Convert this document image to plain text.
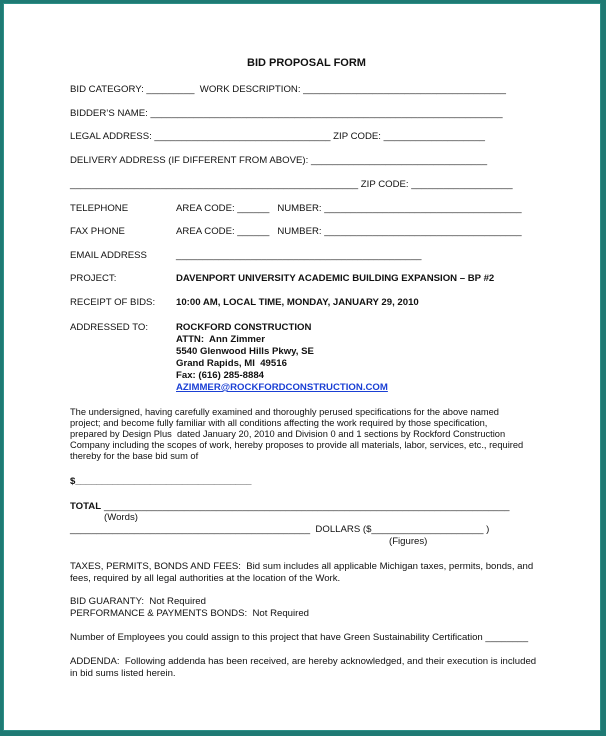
BID PROPOSAL FORM
BID CATEGORY: _________  WORK DESCRIPTION: ______________________________________
BIDDER’S NAME: __________________________________________________________________
LEGAL ADDRESS: _________________________________ ZIP CODE: ___________________
DELIVERY ADDRESS (IF DIFFERENT FROM ABOVE): _________________________________
______________________________________________________ ZIP CODE: ___________________
TELEPHONE	AREA CODE: ______   NUMBER: _____________________________________
FAX PHONE	AREA CODE: ______   NUMBER: _____________________________________
EMAIL ADDRESS	______________________________________________
PROJECT:	DAVENPORT UNIVERSITY ACADEMIC BUILDING EXPANSION – BP #2
RECEIPT OF BIDS: 10:00 AM, LOCAL TIME, MONDAY, JANUARY 29, 2010
ADDRESSED TO:	ROCKFORD CONSTRUCTION
ATTN:  Ann Zimmer
5540 Glenwood Hills Pkwy, SE
Grand Rapids, MI  49516
Fax: (616) 285-8884
AZIMMER@ROCKFORDCONSTRUCTION.COM
The undersigned, having carefully examined and thoroughly perused specifications for the above named
project; and become fully familiar with all conditions affecting the work required by those specification,
prepared by Design Plus  dated January 20, 2010 and Division 0 and 1 sections by Rockford Construction
Company including the scopes of work, hereby proposes to provide all materials, labor, services, etc., required
thereby for the base bid sum of
$_________________________________
TOTAL ____________________________________________________________________________
(Words)
_____________________________________________  DOLLARS ($_____________________ )
(Figures)
TAXES, PERMITS, BONDS AND FEES:  Bid sum includes all applicable Michigan taxes, permits, bonds, and
fees, required by all legal authorities at the location of the Work.
BID GUARANTY:  Not Required
PERFORMANCE & PAYMENTS BONDS:  Not Required
Number of Employees you could assign to this project that have Green Sustainability Certification ________
ADDENDA:  Following addenda has been received, are hereby acknowledged, and their execution is included
in bid sums listed herein.
